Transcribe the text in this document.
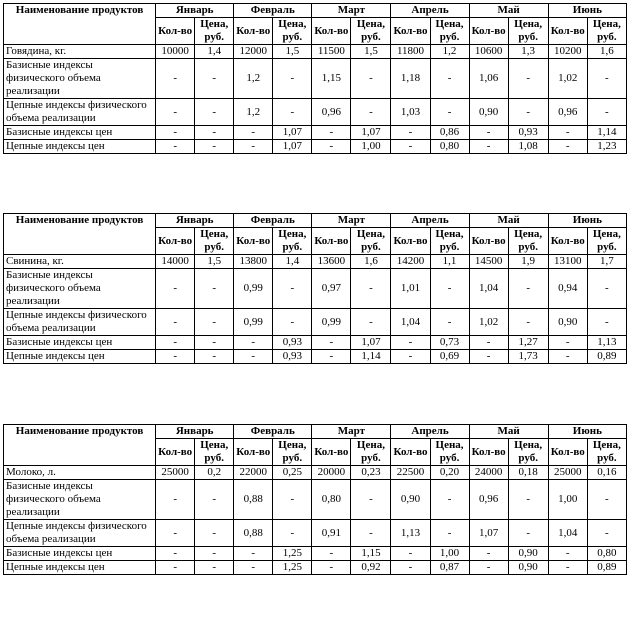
Наименование продуктов	Январь		Февраль		Март		Апрель		Май		Июнь	
	Кол-во	Цена, руб.	Кол-во	Цена, руб.	Кол-во	Цена, руб.	Кол-во	Цена, руб.	Кол-во	Цена, руб.	Кол-во	Цена, руб.
Говядина, кг.	10000	1,4	12000	1,5	11500	1,5	11800	1,2	10600	1,3	10200	1,6
Базисные индексы физического объема реализации	-	-	1,2	-	1,15	-	1,18	-	1,06	-	1,02	-
Цепные индексы физического объема реализации	-	-	1,2	-	0,96	-	1,03	-	0,90	-	0,96	-
Базисные индексы цен	-	-	-	1,07	-	1,07	-	0,86	-	0,93	-	1,14
Цепные индексы цен	-	-	-	1,07	-	1,00	-	0,80	-	1,08	-	1,23
Наименование продуктов	Январь		Февраль		Март		Апрель		Май		Июнь	
	Кол-во	Цена, руб.	Кол-во	Цена, руб.	Кол-во	Цена, руб.	Кол-во	Цена, руб.	Кол-во	Цена, руб.	Кол-во	Цена, руб.
Свинина, кг.	14000	1,5	13800	1,4	13600	1,6	14200	1,1	14500	1,9	13100	1,7
Базисные индексы физического объема реализации	-	-	0,99	-	0,97	-	1,01	-	1,04	-	0,94	-
Цепные индексы физического объема реализации	-	-	0,99	-	0,99	-	1,04	-	1,02	-	0,90	-
Базисные индексы цен	-	-	-	0,93	-	1,07	-	0,73	-	1,27	-	1,13
Цепные индексы цен	-	-	-	0,93	-	1,14	-	0,69	-	1,73	-	0,89
Наименование продуктов	Январь		Февраль		Март		Апрель		Май		Июнь	
	Кол-во	Цена, руб.	Кол-во	Цена, руб.	Кол-во	Цена, руб.	Кол-во	Цена, руб.	Кол-во	Цена, руб.	Кол-во	Цена, руб.
Молоко, л.	25000	0,2	22000	0,25	20000	0,23	22500	0,20	24000	0,18	25000	0,16
Базисные индексы физического объема реализации	-	-	0,88	-	0,80	-	0,90	-	0,96	-	1,00	-
Цепные индексы физического объема реализации	-	-	0,88	-	0,91	-	1,13	-	1,07	-	1,04	-
Базисные индексы цен	-	-	-	1,25	-	1,15	-	1,00	-	0,90	-	0,80
Цепные индексы цен	-	-	-	1,25	-	0,92	-	0,87	-	0,90	-	0,89
